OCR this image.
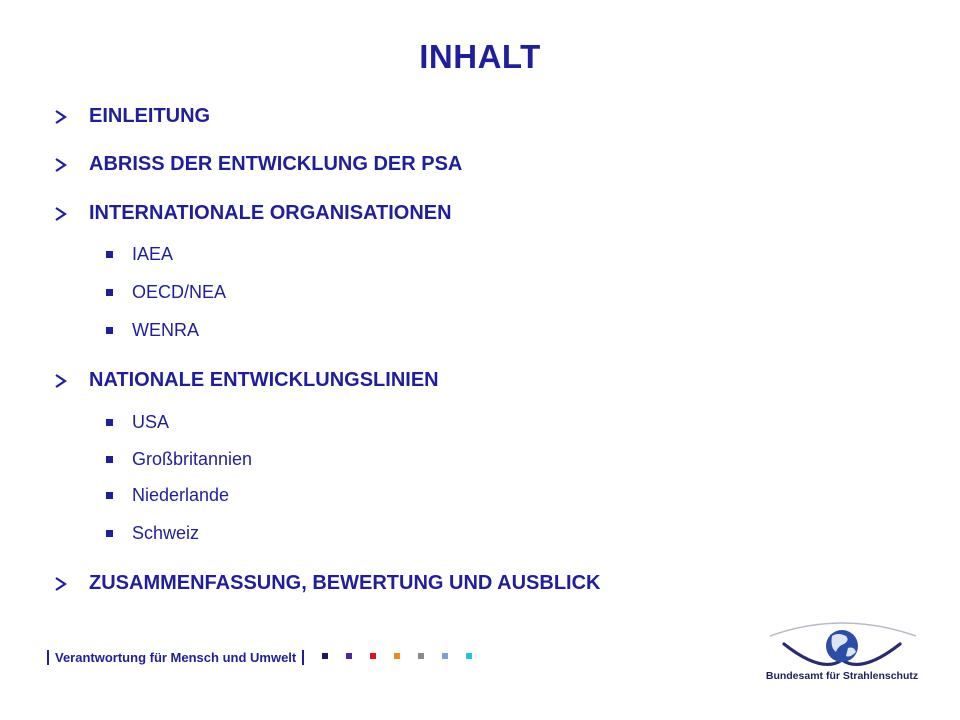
INHALT
EINLEITUNG
ABRISS DER ENTWICKLUNG DER PSA
INTERNATIONALE ORGANISATIONEN
IAEA
OECD/NEA
WENRA
NATIONALE ENTWICKLUNGSLINIEN
USA
Großbritannien
Niederlande
Schweiz
ZUSAMMENFASSUNG, BEWERTUNG UND AUSBLICK
Verantwortung für Mensch und Umwelt
Bundesamt für Strahlenschutz
